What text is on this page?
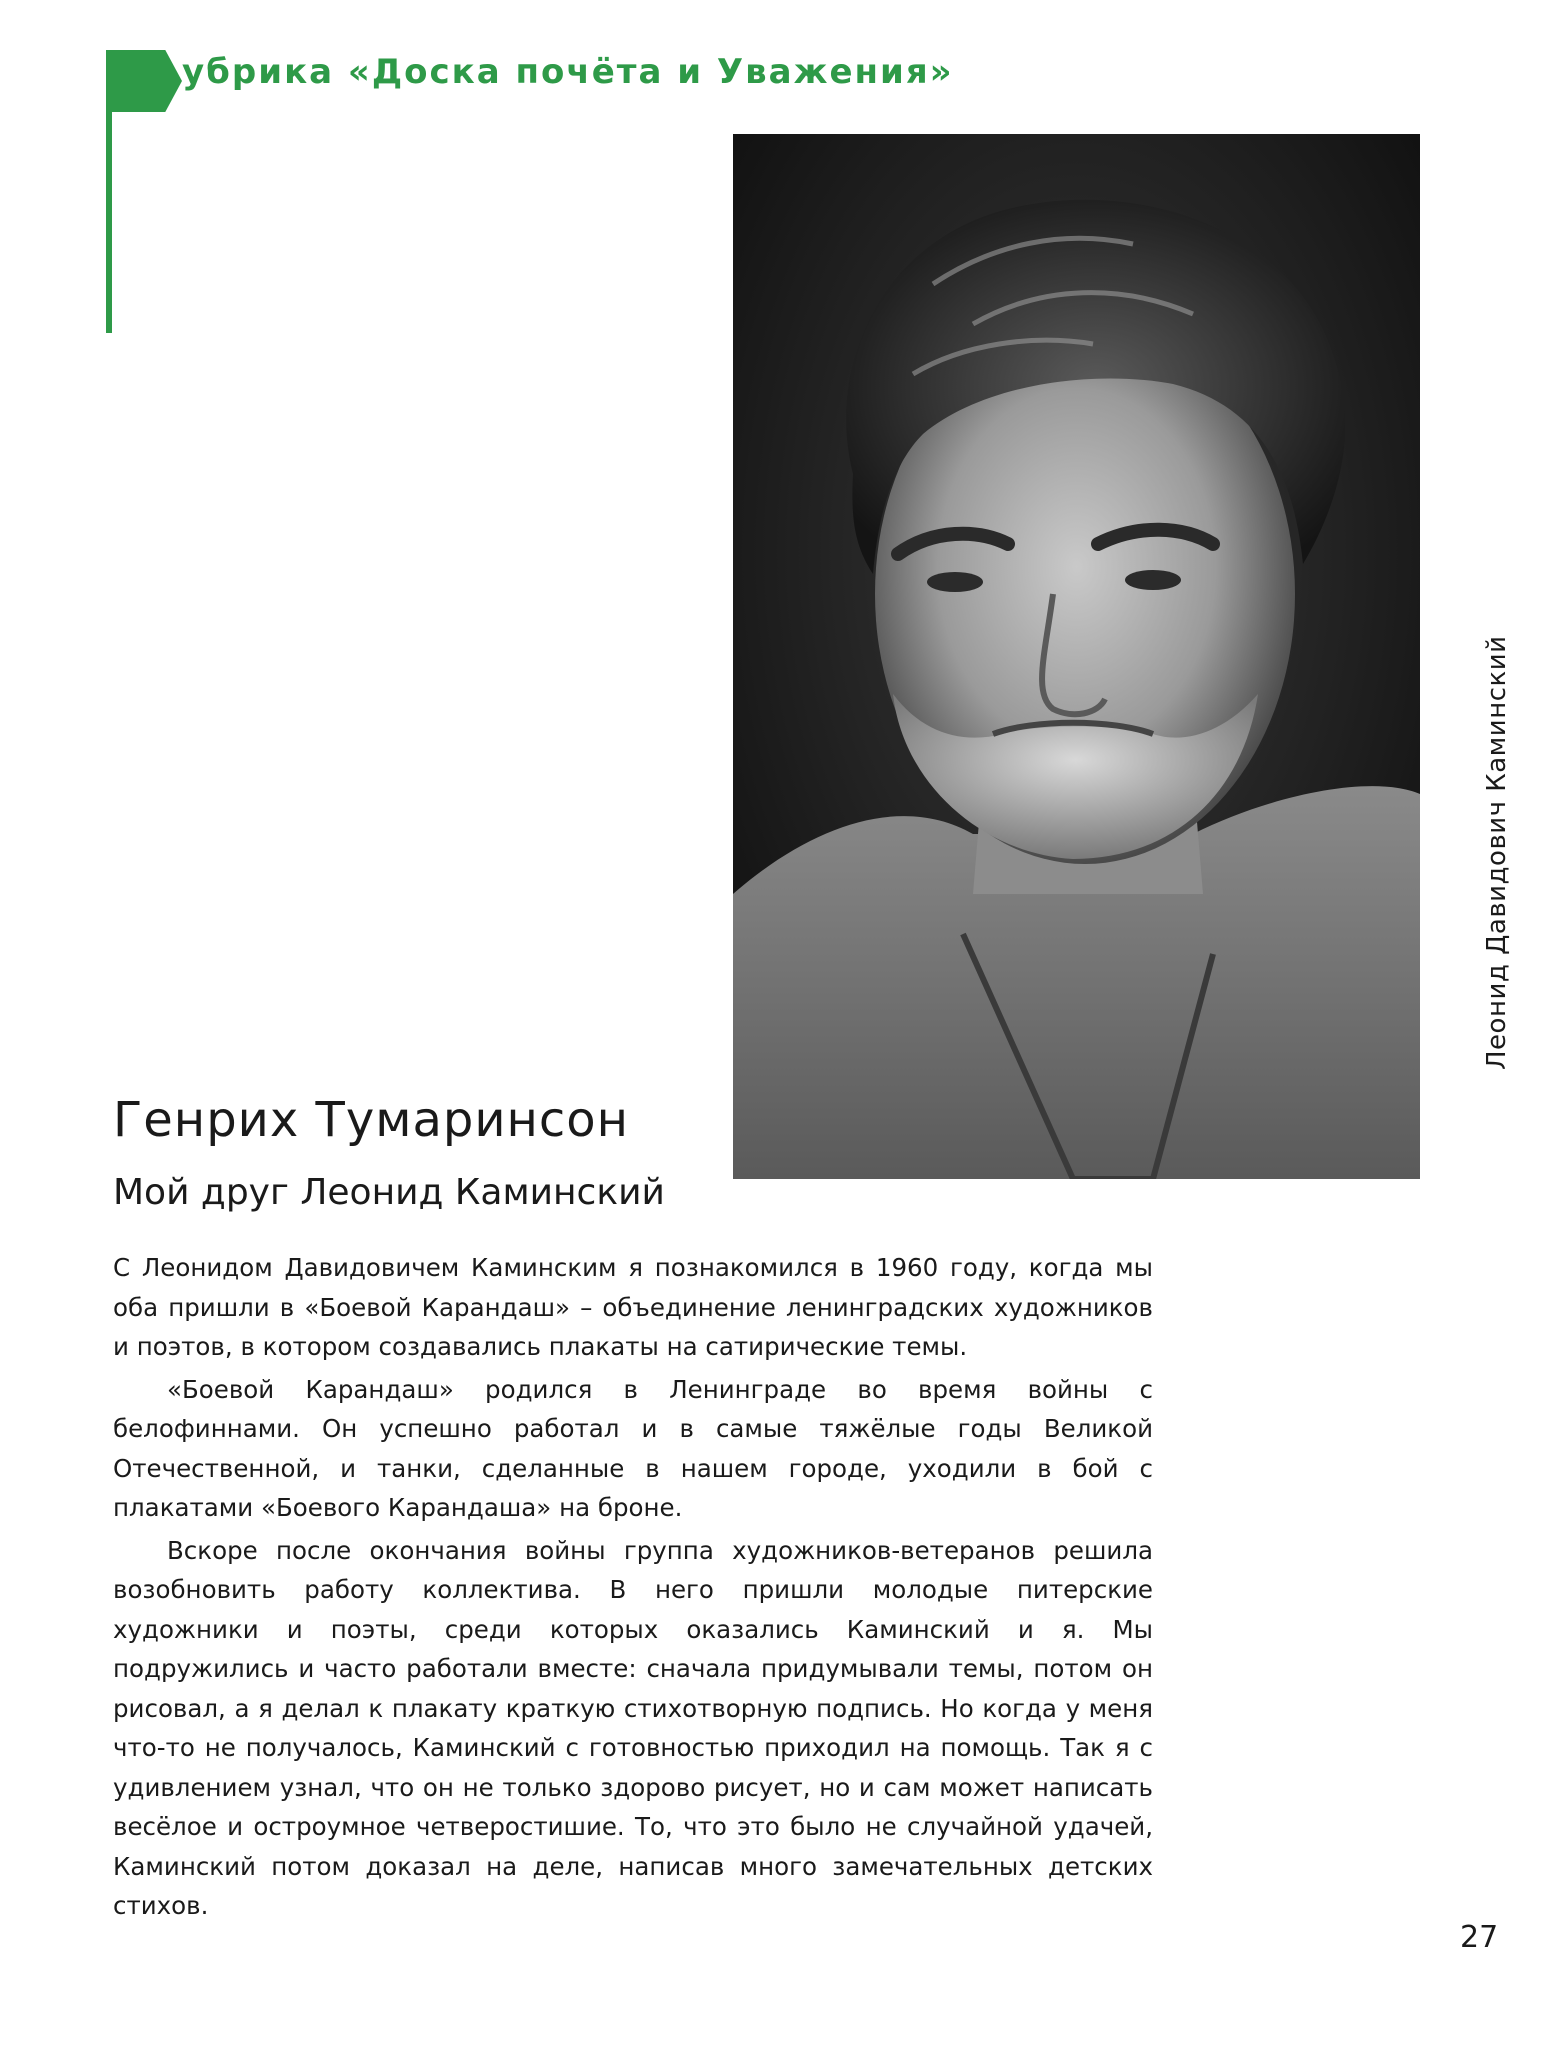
убрика «Доска почёта и Уважения»
Леонид Давидович Каминский
Генрих Тумаринсон
Мой друг Леонид Каминский

С Леонидом Давидовичем Каминским я познакомился в 1960 году, когда мы оба пришли в «Боевой Карандаш» – объединение ленинградских художников и поэтов, в котором создавались плакаты на сатирические темы.

«Боевой Карандаш» родился в Ленинграде во время войны с белофиннами. Он успешно работал и в самые тяжёлые годы Великой Отечественной, и танки, сделанные в нашем городе, уходили в бой с плакатами «Боевого Карандаша» на броне.

Вскоре после окончания войны группа художников-ветеранов решила возобновить работу коллектива. В него пришли молодые питерские художники и поэты, среди которых оказались Каминский и я. Мы подружились и часто работали вместе: сначала придумывали темы, потом он рисовал, а я делал к плакату краткую стихотворную подпись. Но когда у меня что-то не получалось, Каминский с готовностью приходил на помощь. Так я с удивлением узнал, что он не только здорово рисует, но и сам может написать весёлое и остроумное четверостишие. То, что это было не случайной удачей, Каминский потом доказал на деле, написав много замечательных детских стихов.

27
